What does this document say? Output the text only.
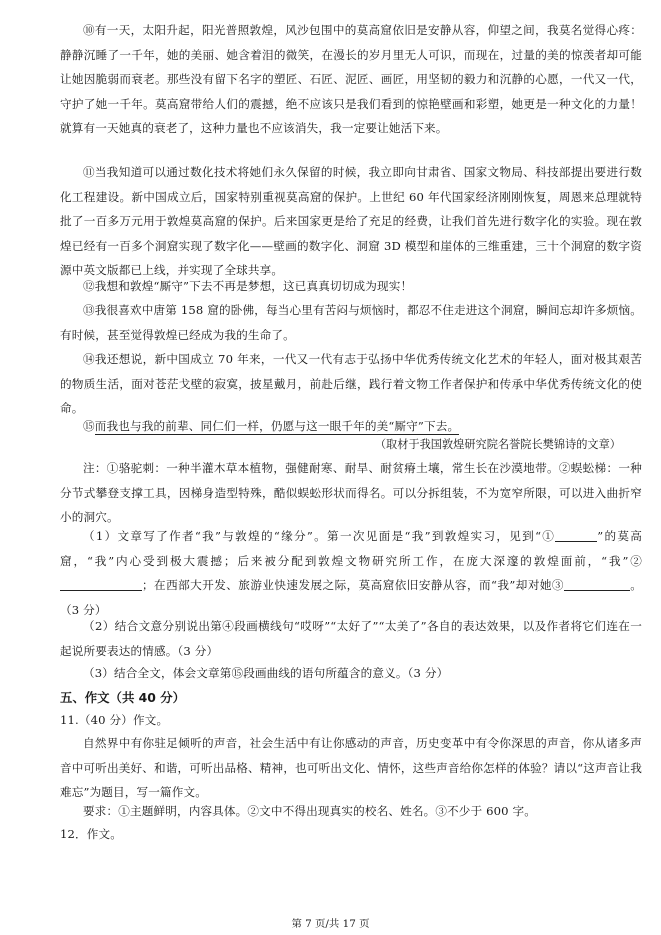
⑩有一天，太阳升起，阳光普照敦煌，风沙包围中的莫高窟依旧是安静从容，仰望之间，我莫名觉得心疼：静静沉睡了一千年，她的美丽、她含着泪的微笑，在漫长的岁月里无人可识，而现在，过量的美的惊羡者却可能让她因脆弱而衰老。那些没有留下名字的塑匠、石匠、泥匠、画匠，用坚韧的毅力和沉静的心愿，一代又一代，守护了她一千年。莫高窟带给人们的震撼，绝不应该只是我们看到的惊艳壁画和彩塑，她更是一种文化的力量！就算有一天她真的衰老了，这种力量也不应该消失，我一定要让她活下来。

⑪当我知道可以通过数化技术将她们永久保留的时候，我立即向甘肃省、国家文物局、科技部提出要进行数化工程建设。新中国成立后，国家特别重视莫高窟的保护。上世纪 60 年代国家经济刚刚恢复，周恩来总理就特批了一百多万元用于敦煌莫高窟的保护。后来国家更是给了充足的经费，让我们首先进行数字化的实验。现在敦煌已经有一百多个洞窟实现了数字化——壁画的数字化、洞窟 3D 模型和崖体的三维重建，三十个洞窟的数字资源中英文版都已上线，并实现了全球共享。

⑫我想和敦煌“厮守”下去不再是梦想，这已真真切切成为现实！

⑬我很喜欢中唐第 158 窟的卧佛，每当心里有苦闷与烦恼时，都忍不住走进这个洞窟，瞬间忘却许多烦恼。有时候，甚至觉得敦煌已经成为我的生命了。

⑭我还想说，新中国成立 70 年来，一代又一代有志于弘扬中华优秀传统文化艺术的年轻人，面对极其艰苦的物质生活，面对苍茫戈壁的寂寞，披星戴月，前赴后继，践行着文物工作者保护和传承中华优秀传统文化的使命。

⑮而我也与我的前辈、同仁们一样，仍愿与这一眼千年的美“厮守”下去。

（取材于我国敦煌研究院名誉院长樊锦诗的文章）

注：①骆驼刺：一种半灌木草本植物，强健耐寒、耐旱、耐贫瘠土壤，常生长在沙漠地带。②蜈蚣梯：一种分节式攀登支撑工具，因梯身造型特殊，酷似蜈蚣形状而得名。可以分拆组装，不为宽窄所限，可以进入曲折窄小的洞穴。

（1）文章写了作者“我”与敦煌的“缘分”。第一次见面是“我”到敦煌实习，见到“①	”的莫高窟，“我”内心受到极大震撼；后来被分配到敦煌文物研究所工作，在庞大深邃的敦煌面前，“我”②；在西部大开发、旅游业快速发展之际，莫高窟依旧安静从容，而“我”却对她③	。（3 分）

（2）结合文意分别说出第④段画横线句“哎呀”“太好了”“太美了”各自的表达效果，以及作者将它们连在一起说所要表达的情感。（3 分）

（3）结合全文，体会文章第⑮段画曲线的语句所蕴含的意义。（3 分）

五、作文（共 40 分）

11.（40 分）作文。

自然界中有你驻足倾听的声音，社会生活中有让你感动的声音，历史变革中有令你深思的声音，你从诸多声音中可听出美好、和谐，可听出品格、精神，也可听出文化、情怀，这些声音给你怎样的体验？请以“这声音让我难忘”为题目，写一篇作文。

要求：①主题鲜明，内容具体。②文中不得出现真实的校名、姓名。③不少于 600 字。

12．作文。

第 7 页/共 17 页
